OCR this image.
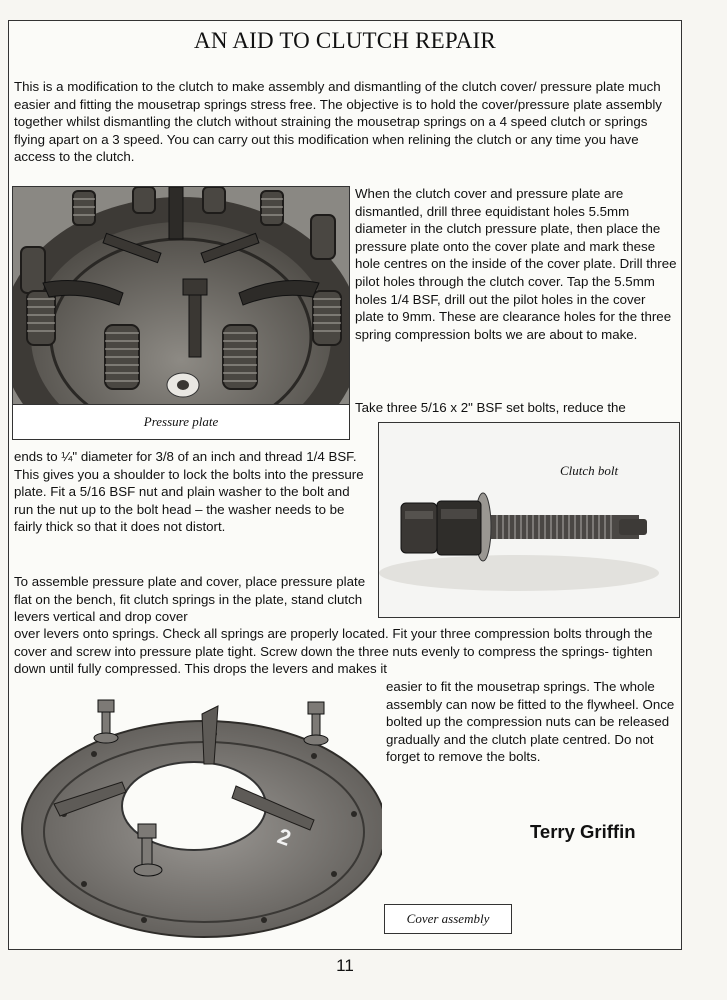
AN AID TO CLUTCH REPAIR

This is a modification to the clutch to make assembly and dismantling of the clutch cover/ pressure plate much easier and fitting the mousetrap springs stress free. The objective is to hold the cover/pressure plate assembly together whilst dismantling the clutch without straining the mousetrap springs on a 4 speed clutch or springs flying apart on a 3 speed. You can carry out this modification when relining the clutch or any time you have access to the clutch.

Pressure plate

When the clutch cover and pressure plate are dismantled, drill three equidistant holes 5.5mm diameter in the clutch pressure plate, then place the pressure plate onto the cover plate and mark these hole centres on the inside of the cover plate. Drill three pilot holes through the clutch cover. Tap the 5.5mm holes 1/4 BSF, drill out the pilot holes in the cover plate to 9mm. These are clearance holes for the three spring compression bolts we are about to make.

Take three 5/16 x 2" BSF set bolts, reduce the

Clutch bolt

ends to ¼" diameter for 3/8 of an inch and thread 1/4 BSF. This gives you a shoulder to lock the bolts into the pressure plate. Fit a 5/16 BSF nut and plain washer to the bolt and run the nut up to the bolt head – the washer needs to be fairly thick so that it does not distort.

To assemble pressure plate and cover, place pressure plate flat on the bench, fit clutch springs in the plate, stand clutch levers vertical and drop cover

over levers onto springs. Check all springs are properly located. Fit your three compression bolts through the cover and screw into pressure plate tight. Screw down the three nuts evenly to compress the springs- tighten down until fully compressed. This drops the levers and makes it

easier to fit the mousetrap springs. The whole assembly can now be fitted to the flywheel. Once bolted up the compression nuts can be released gradually and the clutch plate centred. Do not forget to remove the bolts.

2
Cover assembly
Terry Griffin
11
